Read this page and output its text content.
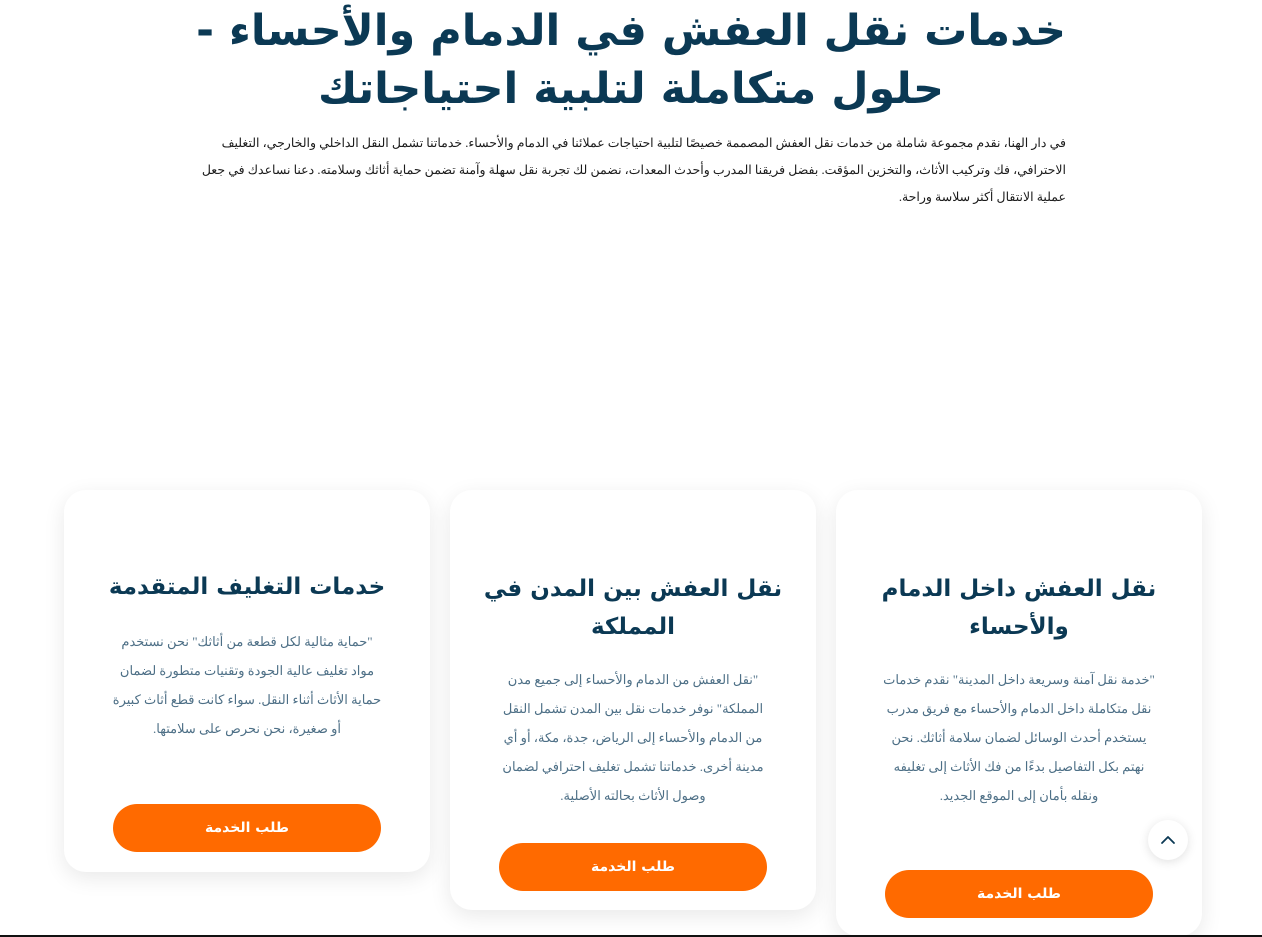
خدمات نقل العفش في الدمام والأحساء -
حلول متكاملة لتلبية احتياجاتك

في دار الهنا، نقدم مجموعة شاملة من خدمات نقل العفش المصممة خصيصًا لتلبية احتياجات عملائنا في الدمام والأحساء. خدماتنا تشمل النقل الداخلي والخارجي، التغليف الاحترافي، فك وتركيب الأثاث، والتخزين المؤقت. بفضل فريقنا المدرب وأحدث المعدات، نضمن لك تجربة نقل سهلة وآمنة تضمن حماية أثاثك وسلامته. دعنا نساعدك في جعل عملية الانتقال أكثر سلاسة وراحة.

نقل العفش داخل الدمام والأحساء

"خدمة نقل آمنة وسريعة داخل المدينة" نقدم خدمات نقل متكاملة داخل الدمام والأحساء مع فريق مدرب يستخدم أحدث الوسائل لضمان سلامة أثاثك. نحن نهتم بكل التفاصيل بدءًا من فك الأثاث إلى تغليفه ونقله بأمان إلى الموقع الجديد.

طلب الخدمة
نقل العفش بين المدن في المملكة

"نقل العفش من الدمام والأحساء إلى جميع مدن المملكة" نوفر خدمات نقل بين المدن تشمل النقل من الدمام والأحساء إلى الرياض، جدة، مكة، أو أي مدينة أخرى. خدماتنا تشمل تغليف احترافي لضمان وصول الأثاث بحالته الأصلية.

طلب الخدمة
خدمات التغليف المتقدمة

"حماية مثالية لكل قطعة من أثاثك" نحن نستخدم مواد تغليف عالية الجودة وتقنيات متطورة لضمان حماية الأثاث أثناء النقل. سواء كانت قطع أثاث كبيرة أو صغيرة، نحن نحرص على سلامتها.

طلب الخدمة
